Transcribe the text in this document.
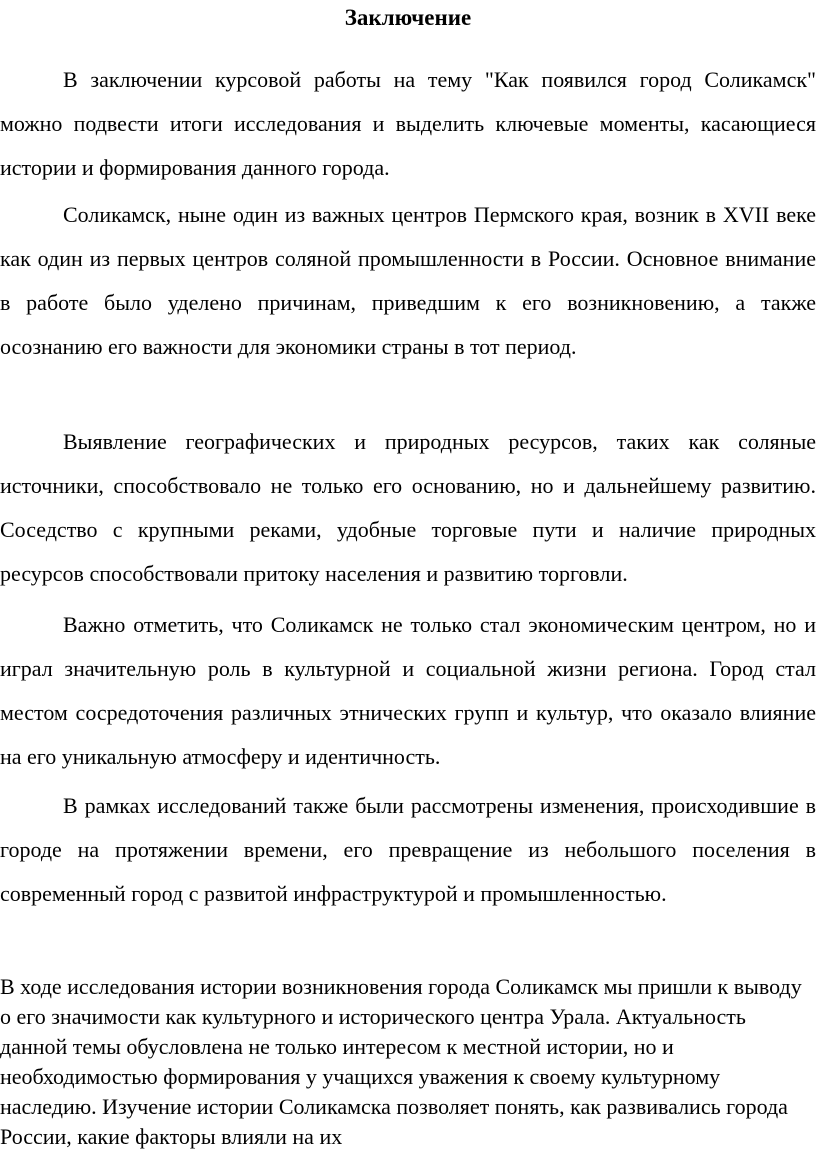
Заключение

В заключении курсовой работы на тему "Как появился город Соликамск" можно подвести итоги исследования и выделить ключевые моменты, касающиеся истории и формирования данного города.

Соликамск, ныне один из важных центров Пермского края, возник в XVII веке как один из первых центров соляной промышленности в России. Основное внимание в работе было уделено причинам, приведшим к его возникновению, а также осознанию его важности для экономики страны в тот период.

Выявление географических и природных ресурсов, таких как соляные источники, способствовало не только его основанию, но и дальнейшему развитию. Соседство с крупными реками, удобные торговые пути и наличие природных ресурсов способствовали притоку населения и развитию торговли.

Важно отметить, что Соликамск не только стал экономическим центром, но и играл значительную роль в культурной и социальной жизни региона. Город стал местом сосредоточения различных этнических групп и культур, что оказало влияние на его уникальную атмосферу и идентичность.

В рамках исследований также были рассмотрены изменения, происходившие в городе на протяжении времени, его превращение из небольшого поселения в современный город с развитой инфраструктурой и промышленностью.

В ходе исследования истории возникновения города Соликамск мы пришли к выводу о его значимости как культурного и исторического центра Урала. Актуальность данной темы обусловлена не только интересом к местной истории, но и необходимостью формирования у учащихся уважения к своему культурному наследию. Изучение истории Соликамска позволяет понять, как развивались города России, какие факторы влияли на их
